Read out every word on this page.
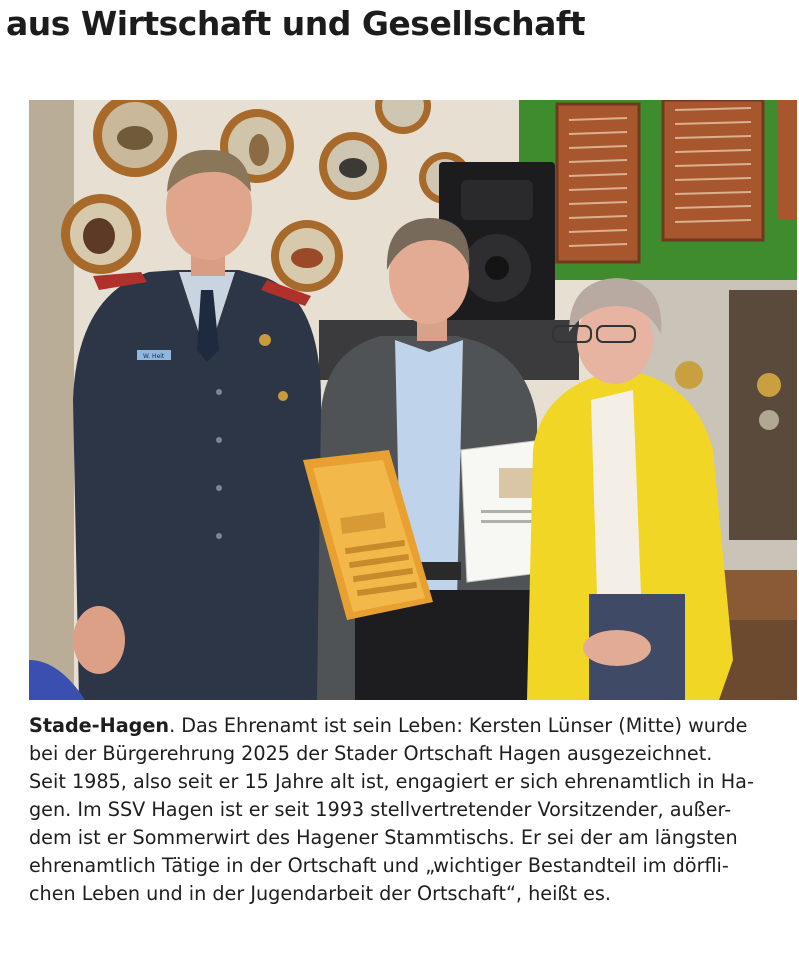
aus Wirtschaft und Gesellschaft
W. Heit
Stade-Hagen. Das Ehrenamt ist sein Leben: Kersten Lünser (Mitte) wurde
bei der Bürgerehrung 2025 der Stader Ortschaft Hagen ausgezeichnet.
Seit 1985, also seit er 15 Jahre alt ist, engagiert er sich ehrenamtlich in Ha-
gen. Im SSV Hagen ist er seit 1993 stellvertretender Vorsitzender, außer-
dem ist er Sommerwirt des Hagener Stammtischs. Er sei der am längsten
ehrenamtlich Tätige in der Ortschaft und „wichtiger Bestandteil im dörfli-
chen Leben und in der Jugendarbeit der Ortschaft“, heißt es.
